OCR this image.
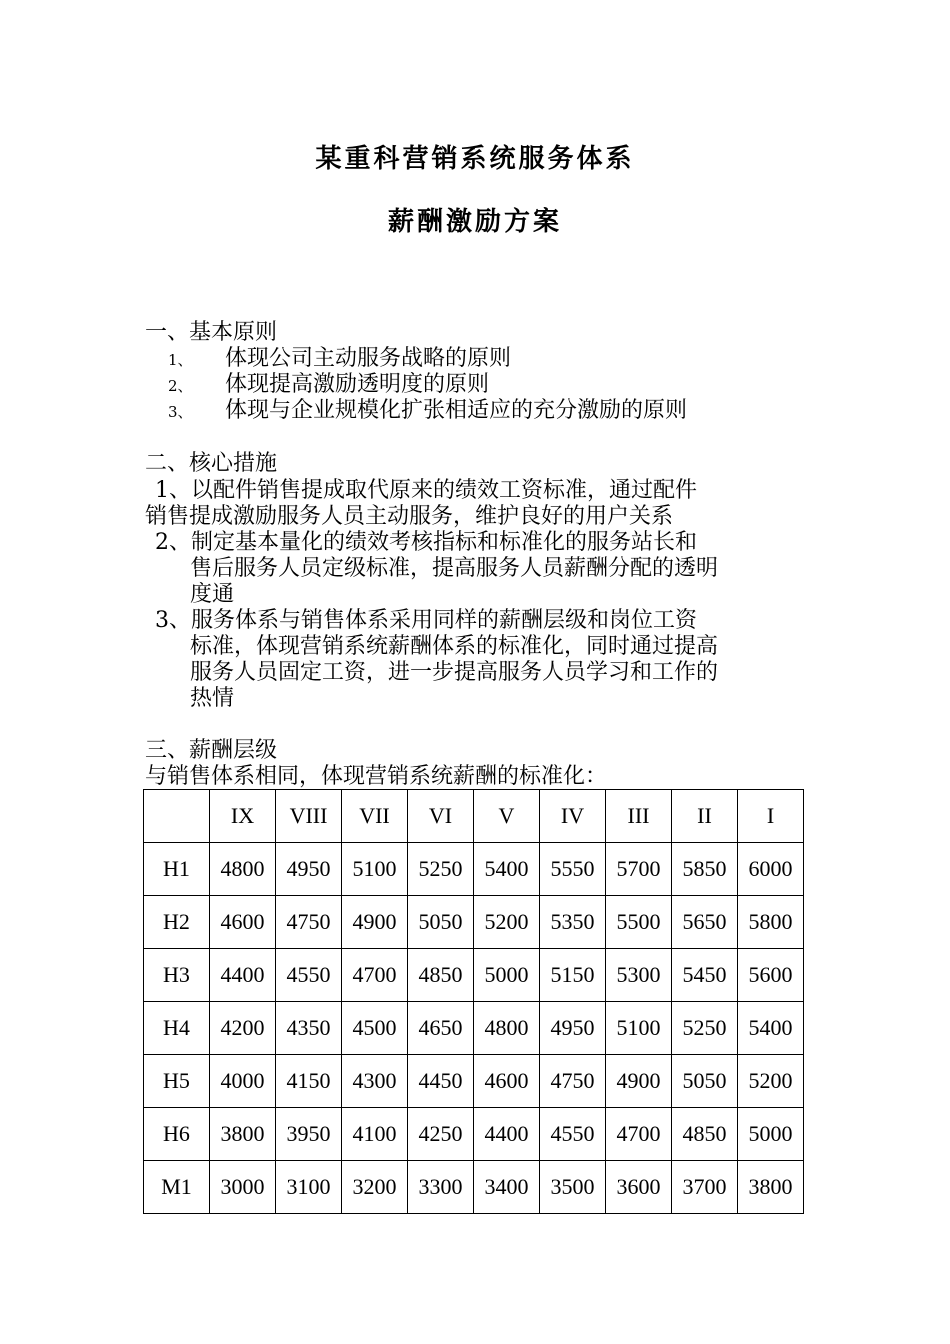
某重科营销系统服务体系
薪酬激励方案
一、基本原则
1、 体现公司主动服务战略的原则
2、 体现提高激励透明度的原则
3、 体现与企业规模化扩张相适应的充分激励的原则
二、核心措施
1、以配件销售提成取代原来的绩效工资标准，通过配件
销售提成激励服务人员主动服务，维护良好的用户关系
2、制定基本量化的绩效考核指标和标准化的服务站长和
售后服务人员定级标准，提高服务人员薪酬分配的透明
度通
3、服务体系与销售体系采用同样的薪酬层级和岗位工资
标准，体现营销系统薪酬体系的标准化，同时通过提高
服务人员固定工资，进一步提高服务人员学习和工作的
热情
三、薪酬层级
与销售体系相同，体现营销系统薪酬的标准化：
	IX	VIII	VII	VI	V	IV	III	II	I
H1	4800	4950	5100	5250	5400	5550	5700	5850	6000
H2	4600	4750	4900	5050	5200	5350	5500	5650	5800
H3	4400	4550	4700	4850	5000	5150	5300	5450	5600
H4	4200	4350	4500	4650	4800	4950	5100	5250	5400
H5	4000	4150	4300	4450	4600	4750	4900	5050	5200
H6	3800	3950	4100	4250	4400	4550	4700	4850	5000
M1	3000	3100	3200	3300	3400	3500	3600	3700	3800
